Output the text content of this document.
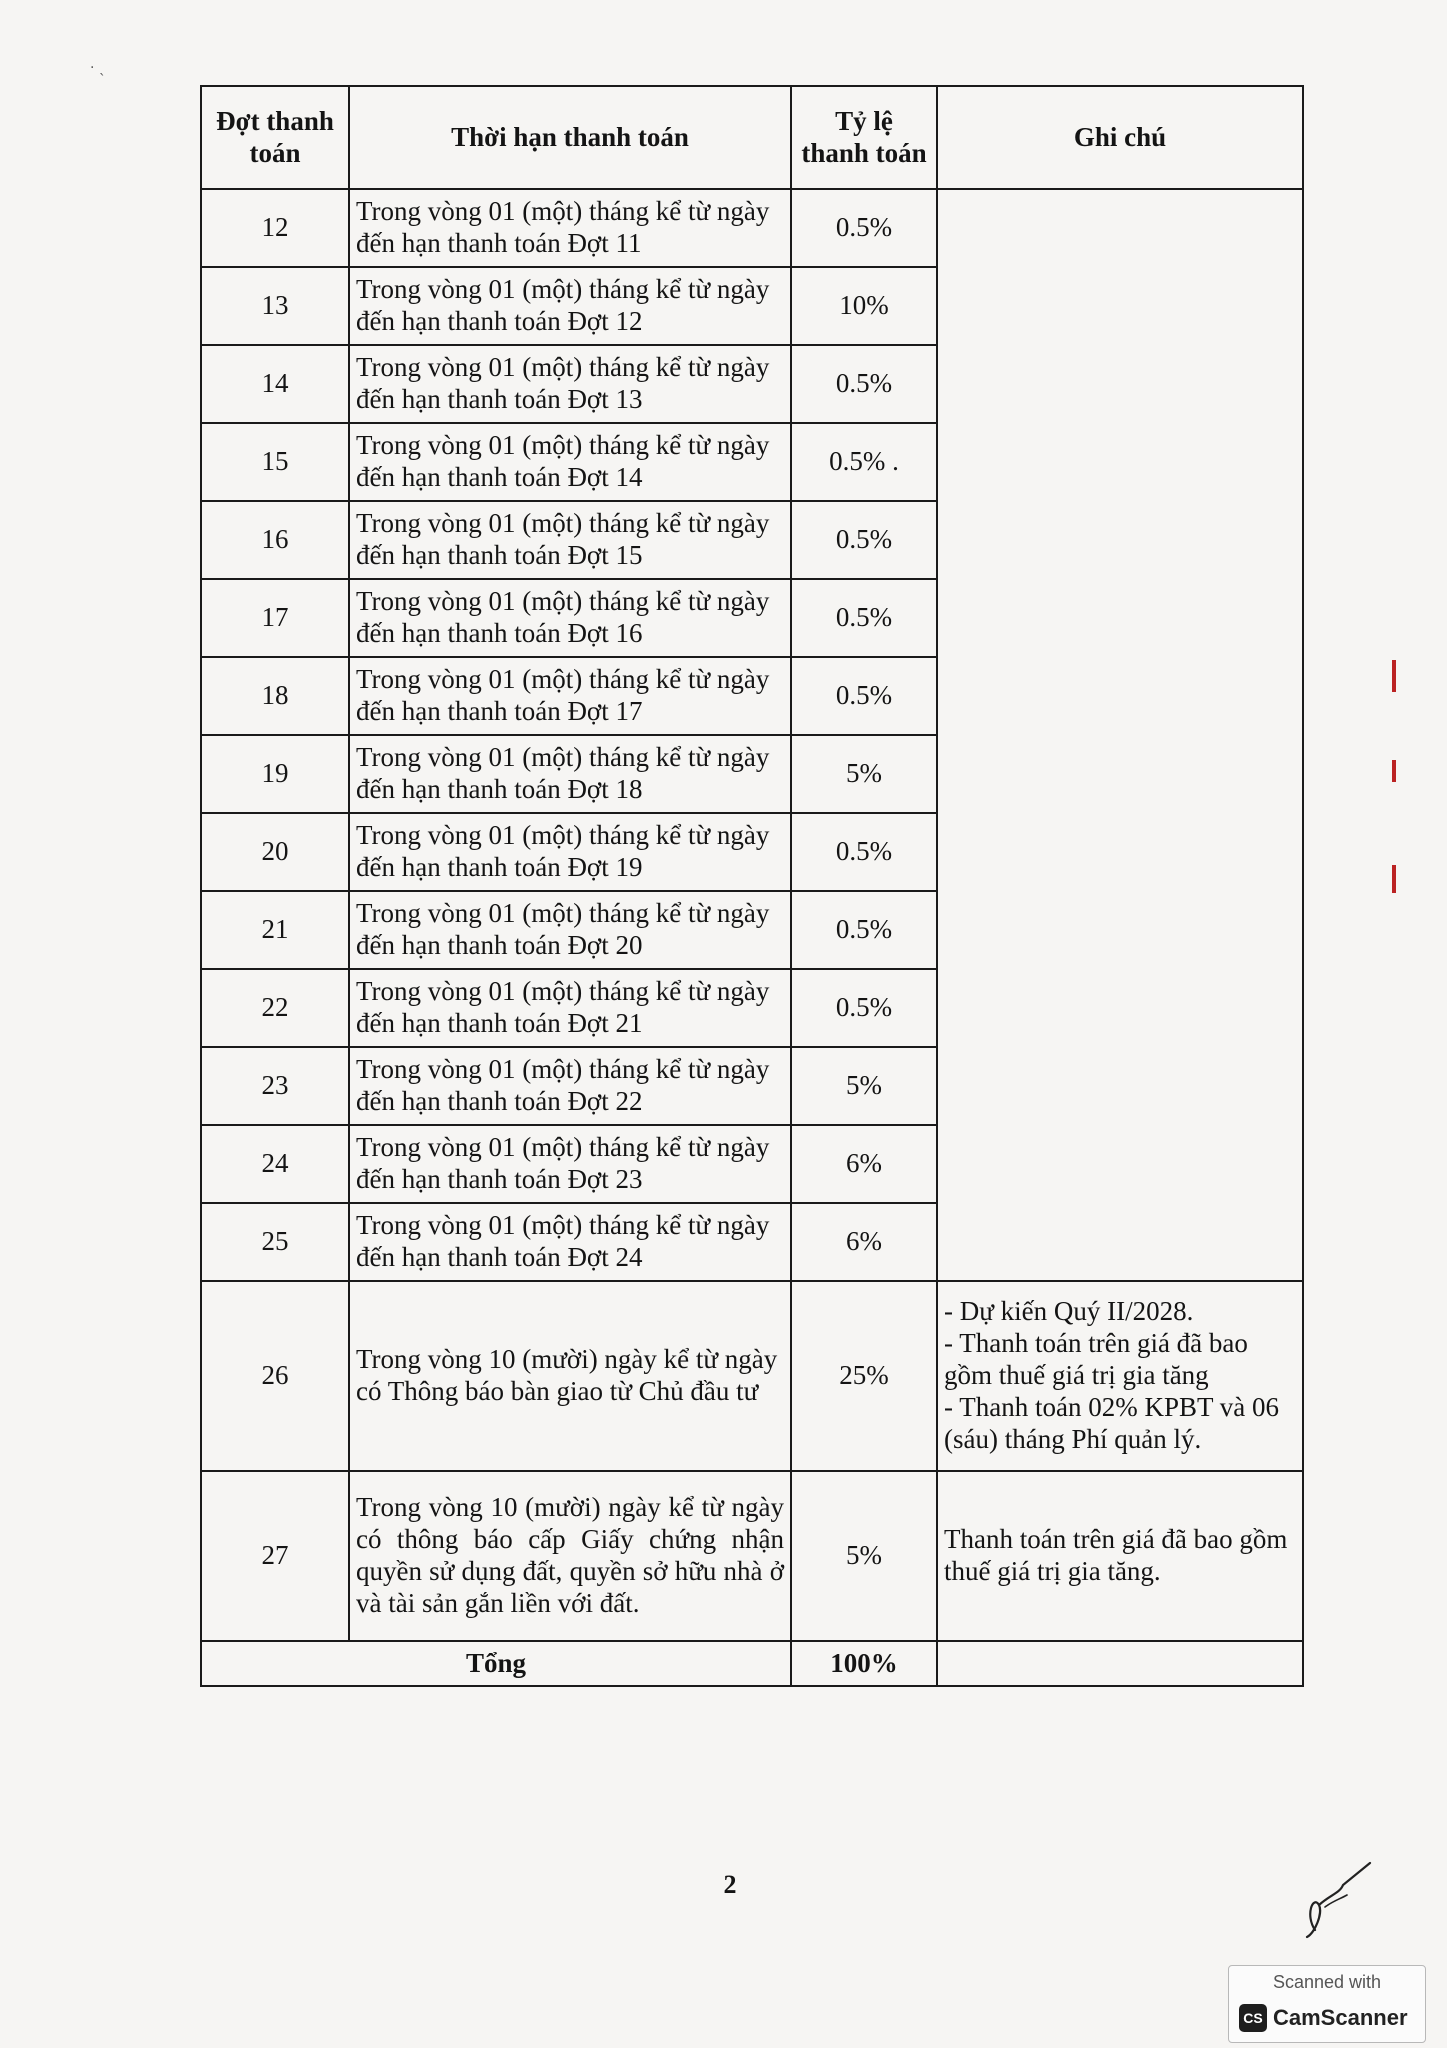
· ˎ
Đợt thanh toán	Thời hạn thanh toán	Tỷ lệ thanh toán	Ghi chú
12	Trong vòng 01 (một) tháng kể từ ngày đến hạn thanh toán Đợt 11	0.5%	
13	Trong vòng 01 (một) tháng kể từ ngày đến hạn thanh toán Đợt 12	10%	
14	Trong vòng 01 (một) tháng kể từ ngày đến hạn thanh toán Đợt 13	0.5%	
15	Trong vòng 01 (một) tháng kể từ ngày đến hạn thanh toán Đợt 14	0.5% .	
16	Trong vòng 01 (một) tháng kể từ ngày đến hạn thanh toán Đợt 15	0.5%	
17	Trong vòng 01 (một) tháng kể từ ngày đến hạn thanh toán Đợt 16	0.5%	
18	Trong vòng 01 (một) tháng kể từ ngày đến hạn thanh toán Đợt 17	0.5%	
19	Trong vòng 01 (một) tháng kể từ ngày đến hạn thanh toán Đợt 18	5%	
20	Trong vòng 01 (một) tháng kể từ ngày đến hạn thanh toán Đợt 19	0.5%	
21	Trong vòng 01 (một) tháng kể từ ngày đến hạn thanh toán Đợt 20	0.5%	
22	Trong vòng 01 (một) tháng kể từ ngày đến hạn thanh toán Đợt 21	0.5%	
23	Trong vòng 01 (một) tháng kể từ ngày đến hạn thanh toán Đợt 22	5%	
24	Trong vòng 01 (một) tháng kể từ ngày đến hạn thanh toán Đợt 23	6%	
25	Trong vòng 01 (một) tháng kể từ ngày đến hạn thanh toán Đợt 24	6%	
26	Trong vòng 10 (mười) ngày kể từ ngày có Thông báo bàn giao từ Chủ đầu tư	25%	- Dự kiến Quý II/2028.
- Thanh toán trên giá đã bao gồm thuế giá trị gia tăng
- Thanh toán 02% KPBT và 06 (sáu) tháng Phí quản lý.

27	Trong vòng 10 (mười) ngày kể từ ngày có thông báo cấp Giấy chứng nhận quyền sử dụng đất, quyền sở hữu nhà ở và tài sản gắn liền với đất.	5%	Thanh toán trên giá đã bao gồm thuế giá trị gia tăng.

Tổng		100%	
2
Scanned with
CS CamScanner
